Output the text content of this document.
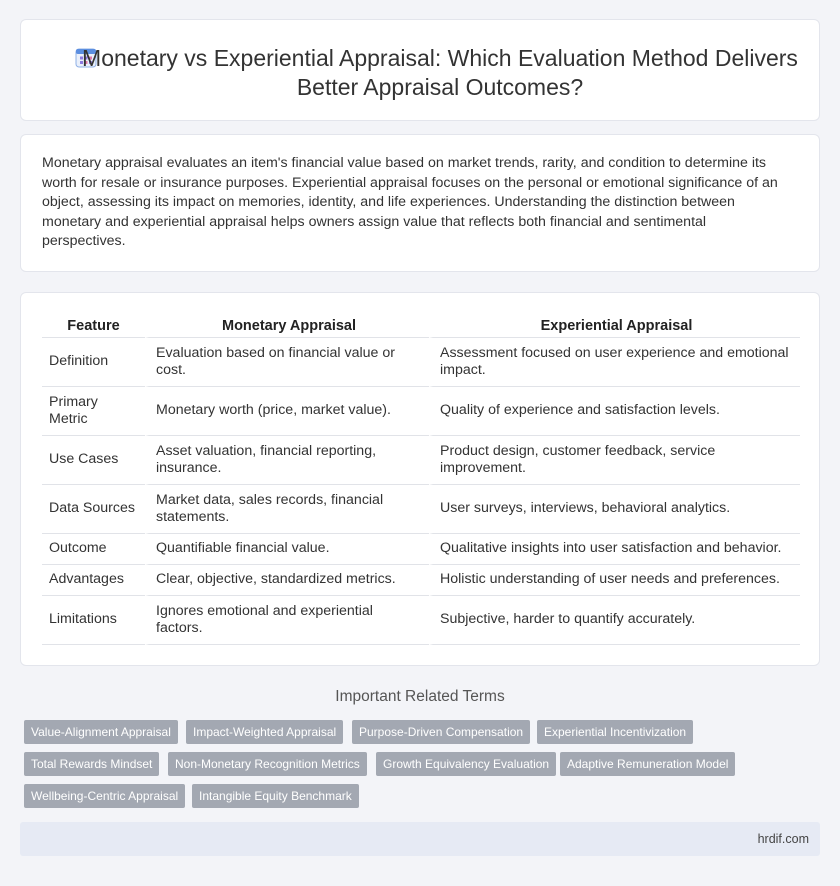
Monetary vs Experiential Appraisal: Which Evaluation Method Delivers Better Appraisal Outcomes?

Monetary appraisal evaluates an item's financial value based on market trends, rarity, and condition to determine its worth for resale or insurance purposes. Experiential appraisal focuses on the personal or emotional significance of an object, assessing its impact on memories, identity, and life experiences. Understanding the distinction between monetary and experiential appraisal helps owners assign value that reflects both financial and sentimental perspectives.

Feature	Monetary Appraisal	Experiential Appraisal
Definition	Evaluation based on financial value or cost.	Assessment focused on user experience and emotional impact.
Primary Metric	Monetary worth (price, market value).	Quality of experience and satisfaction levels.
Use Cases	Asset valuation, financial reporting, insurance.	Product design, customer feedback, service improvement.
Data Sources	Market data, sales records, financial statements.	User surveys, interviews, behavioral analytics.
Outcome	Quantifiable financial value.	Qualitative insights into user satisfaction and behavior.
Advantages	Clear, objective, standardized metrics.	Holistic understanding of user needs and preferences.
Limitations	Ignores emotional and experiential factors.	Subjective, harder to quantify accurately.
Important Related Terms
Value-Alignment Appraisal	Impact-Weighted Appraisal	Purpose-Driven Compensation	Experiential Incentivization
Total Rewards Mindset	Non-Monetary Recognition Metrics	Growth Equivalency Evaluation	Adaptive Remuneration Model
Wellbeing-Centric Appraisal	Intangible Equity Benchmark
hrdif.com
